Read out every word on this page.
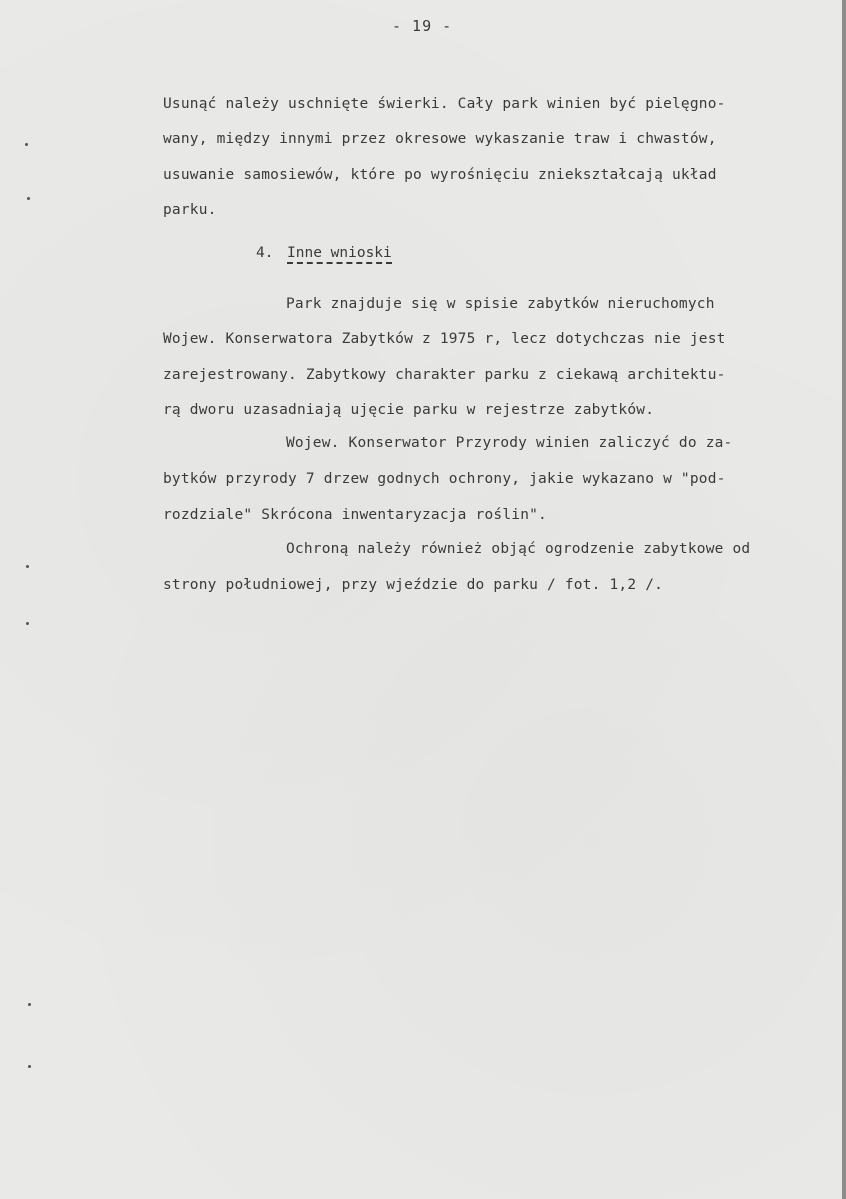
- 19 -
Usunąć należy uschnięte świerki. Cały park winien być pielęgno-
wany, między innymi przez okresowe wykaszanie traw i chwastów,
usuwanie samosiewów, które po wyrośnięciu zniekształcają układ
parku.
4. Inne wnioski
Park znajduje się w spisie zabytków nieruchomych
Wojew. Konserwatora Zabytków z 1975 r, lecz dotychczas nie jest
zarejestrowany. Zabytkowy charakter parku z ciekawą architektu-
rą dworu uzasadniają ujęcie parku w rejestrze zabytków.
Wojew. Konserwator Przyrody winien zaliczyć do za-
bytków przyrody 7 drzew godnych ochrony, jakie wykazano w "pod-
rozdziale" Skrócona inwentaryzacja roślin".
Ochroną należy również objąć ogrodzenie zabytkowe od
strony południowej, przy wjeździe do parku / fot. 1,2 /.
